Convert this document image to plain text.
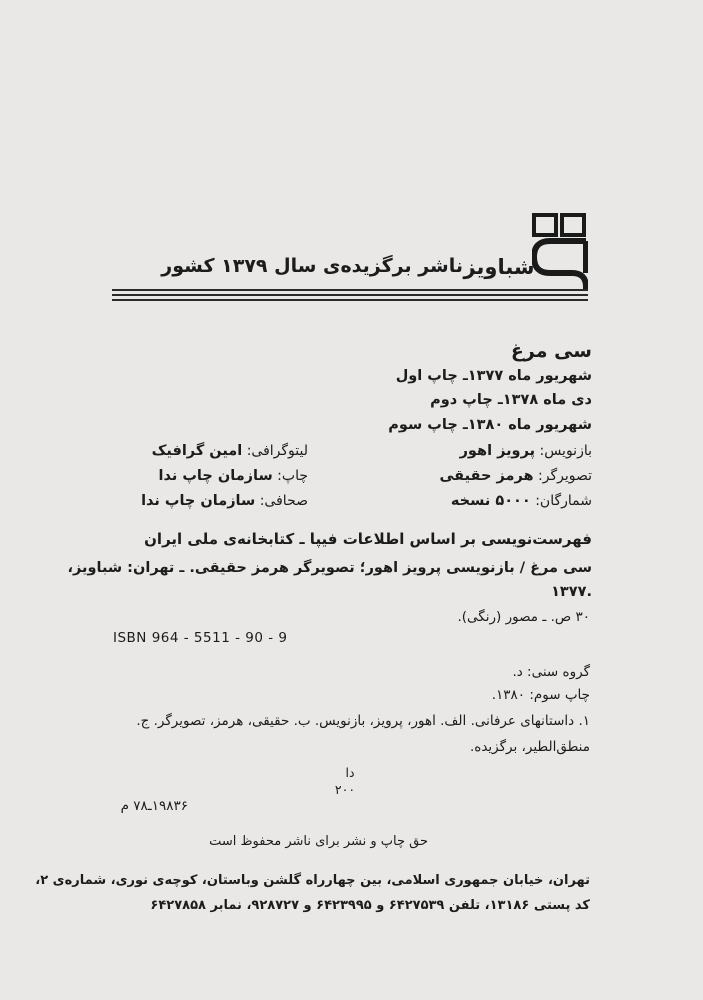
شباویز
ناشر برگزیده‌ی سال ۱۳۷۹ کشور
سی مرغ
شهریور ماه ۱۳۷۷ـ چاپ اول
دی ماه ۱۳۷۸ـ چاپ دوم
شهریور ماه ۱۳۸۰ـ چاپ سوم
بازنویس: پرویز اهور
تصویرگر: هرمز حقیقی
شمارگان: ۵۰۰۰ نسخه
لیتوگرافی: امین گرافیک
چاپ: سازمان چاپ ندا
صحافی: سازمان چاپ ندا
فهرست‌نویسی بر اساس اطلاعات فیپا ـ کتابخانه‌ی ملی ایران
سی مرغ / بازنویسی پرویز اهور؛ تصویرگر هرمز حقیقی. ـ تهران: شباویز،
۱۳۷۷.
۳۰ ص. ـ مصور (رنگی).
ISBN 964 - 5511 - 90 - 9
گروه سنی: د.
چاپ سوم: ۱۳۸۰.
۱. داستانهای عرفانی. الف. اهور، پرویز، بازنویس. ب. حقیقی، هرمز، تصویرگر. ج.
منطق‌الطیر، برگزیده.
دا
۲۰۰
۱۹۸۳۶ـ۷۸ م
حق چاپ و نشر برای ناشر محفوظ است
تهران، خیابان جمهوری اسلامی، بین چهارراه گلشن وباستان، کوچه‌ی نوری، شماره‌ی ۲،
کد پستی ۱۳۱۸۶، تلفن ۶۴۲۷۵۳۹ و ۶۴۲۳۹۹۵ و ۹۲۸۷۲۷، نمابر ۶۴۲۷۸۵۸
